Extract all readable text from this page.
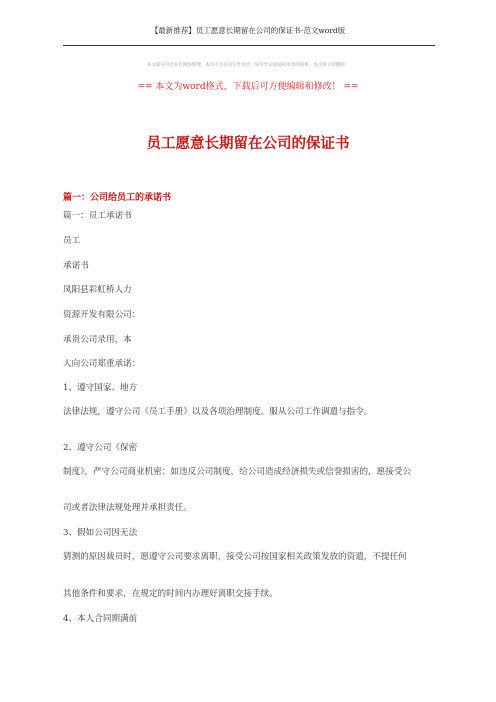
【最新推荐】员工愿意长期留在公司的保证书-范文word版
本文部分内容来自网络整理，本司不为其真实性负责，如有异议或侵权请及时联系，本司将立即删除！
== 本文为word格式，下载后可方便编辑和修改！ ==
员工愿意长期留在公司的保证书
篇一：公司给员工的承诺书
篇一：员工承诺书
员工
承诺书
凤阳县彩虹桥人力
资源开发有限公司：
承贵公司录用，本
人向公司郑重承诺：
1、遵守国家、地方
法律法规，遵守公司《员工手册》以及各项治理制度。服从公司工作调遣与指令。
2、遵守公司《保密
制度》，严守公司商业机密；如违反公司制度，给公司造成经济损失或信誉损害的，愿接受公
司或者法律法规处理并承担责任。
3、假如公司因无法
猜测的原因裁员时，愿遵守公司要求离职，接受公司按国家相关政策发放的资遣，不提任何
其他条件和要求，在规定的时间内办理好离职交接手续。
4、本人合同期满前
